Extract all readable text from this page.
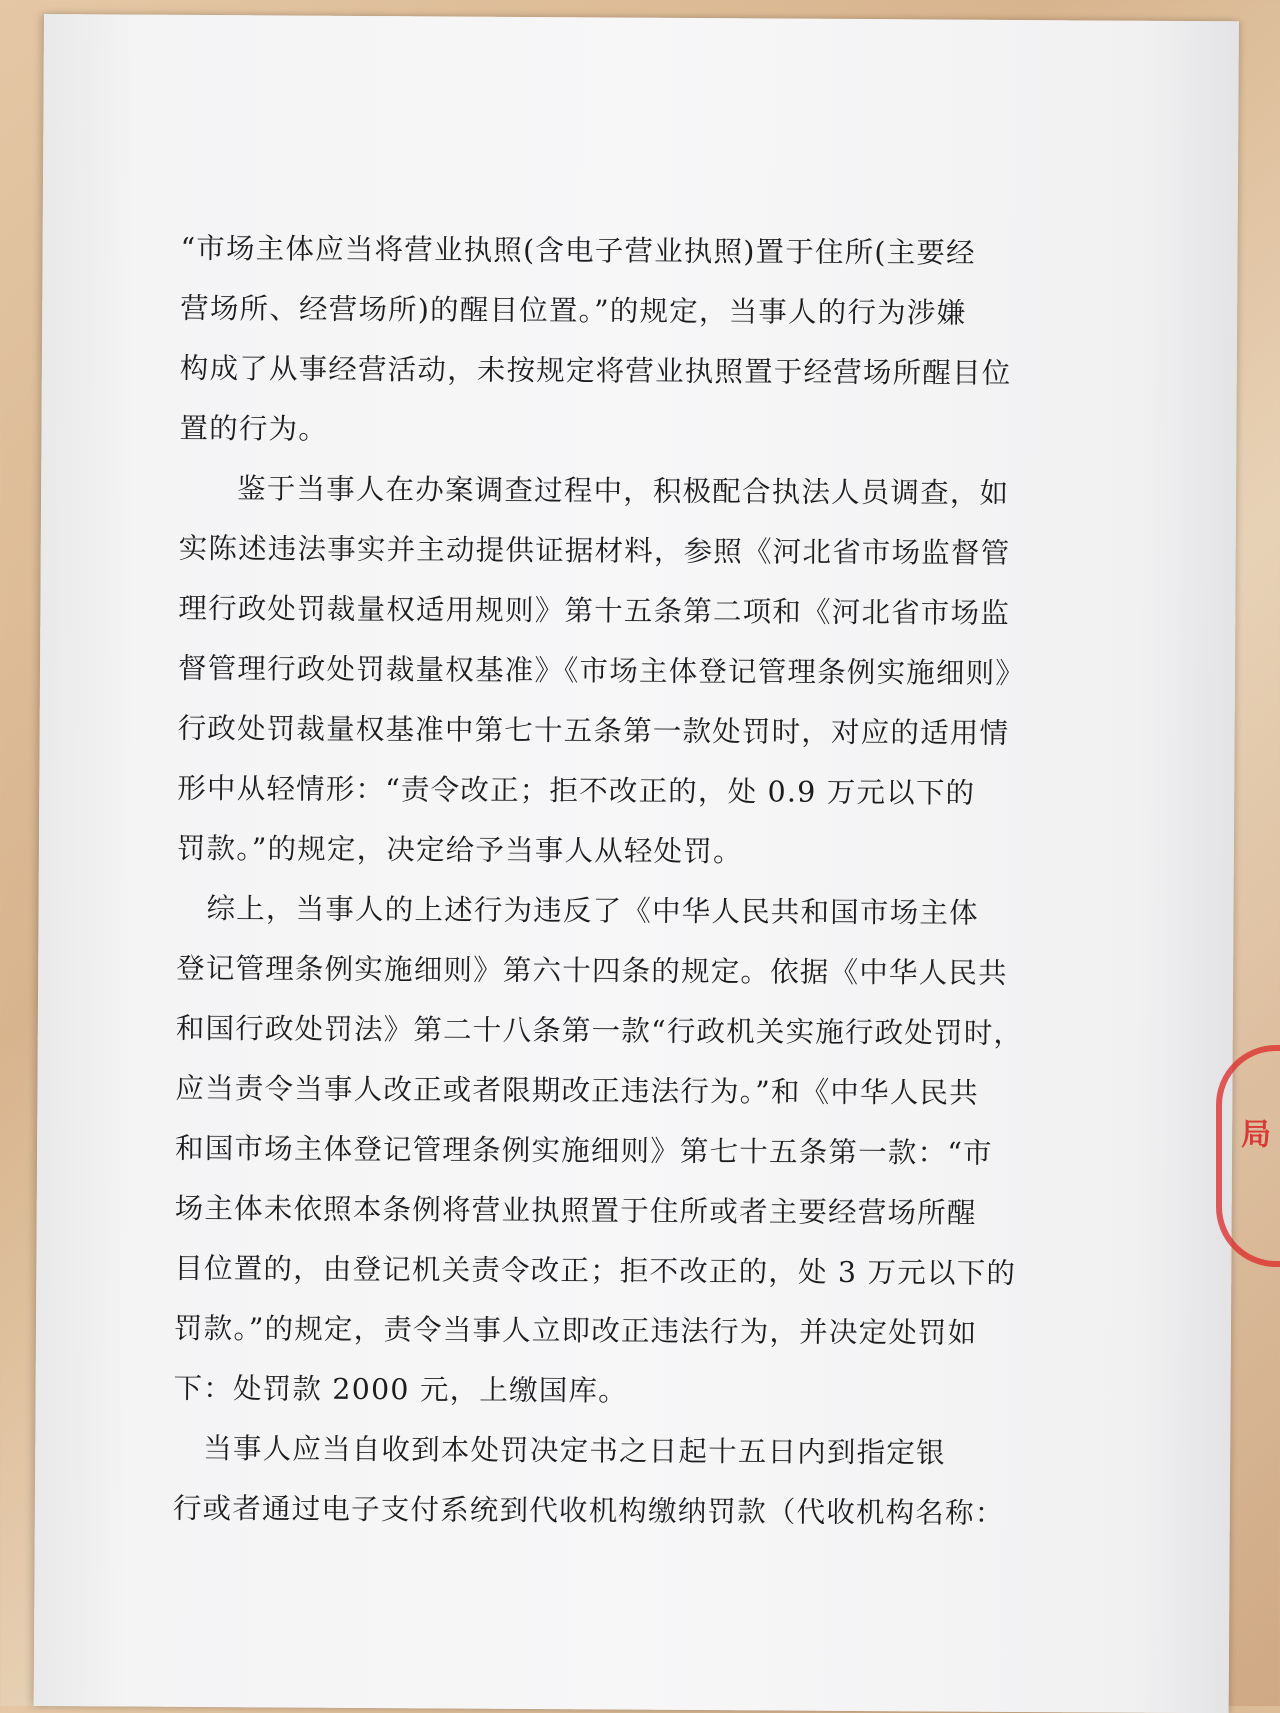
“市场主体应当将营业执照(含电子营业执照)置于住所(主要经
营场所、经营场所)的醒目位置。”的规定，当事人的行为涉嫌
构成了从事经营活动，未按规定将营业执照置于经营场所醒目位
置的行为。
鉴于当事人在办案调查过程中，积极配合执法人员调查，如
实陈述违法事实并主动提供证据材料，参照《河北省市场监督管
理行政处罚裁量权适用规则》第十五条第二项和《河北省市场监
督管理行政处罚裁量权基准》《市场主体登记管理条例实施细则》
行政处罚裁量权基准中第七十五条第一款处罚时，对应的适用情
形中从轻情形：“责令改正；拒不改正的，处 0.9 万元以下的
罚款。”的规定，决定给予当事人从轻处罚。
综上，当事人的上述行为违反了《中华人民共和国市场主体
登记管理条例实施细则》第六十四条的规定。依据《中华人民共
和国行政处罚法》第二十八条第一款“行政机关实施行政处罚时，
应当责令当事人改正或者限期改正违法行为。”和《中华人民共
和国市场主体登记管理条例实施细则》第七十五条第一款：“市
场主体未依照本条例将营业执照置于住所或者主要经营场所醒
目位置的，由登记机关责令改正；拒不改正的，处 3 万元以下的
罚款。”的规定，责令当事人立即改正违法行为，并决定处罚如
下：处罚款 2000 元，上缴国库。
当事人应当自收到本处罚决定书之日起十五日内到指定银
行或者通过电子支付系统到代收机构缴纳罚款（代收机构名称：
局
